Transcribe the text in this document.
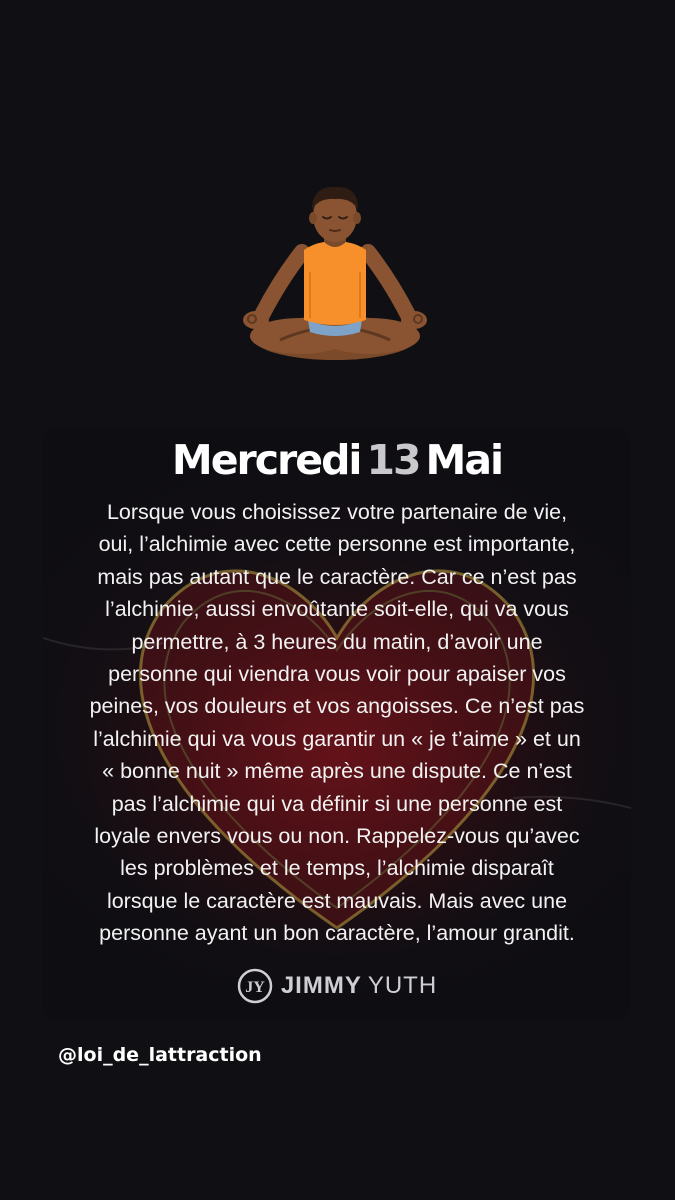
Mercredi 13 Mai
Lorsque vous choisissez votre partenaire de vie,
oui, l’alchimie avec cette personne est importante,
mais pas autant que le caractère. Car ce n’est pas
l’alchimie, aussi envoûtante soit-elle, qui va vous
permettre, à 3 heures du matin, d’avoir une
personne qui viendra vous voir pour apaiser vos
peines, vos douleurs et vos angoisses. Ce n’est pas
l’alchimie qui va vous garantir un « je t’aime » et un
« bonne nuit » même après une dispute. Ce n’est
pas l’alchimie qui va définir si une personne est
loyale envers vous ou non. Rappelez-vous qu’avec
les problèmes et le temps, l’alchimie disparaît
lorsque le caractère est mauvais. Mais avec une
personne ayant un bon caractère, l’amour grandit.
JY JIMMY YUTH
@loi_de_lattraction
